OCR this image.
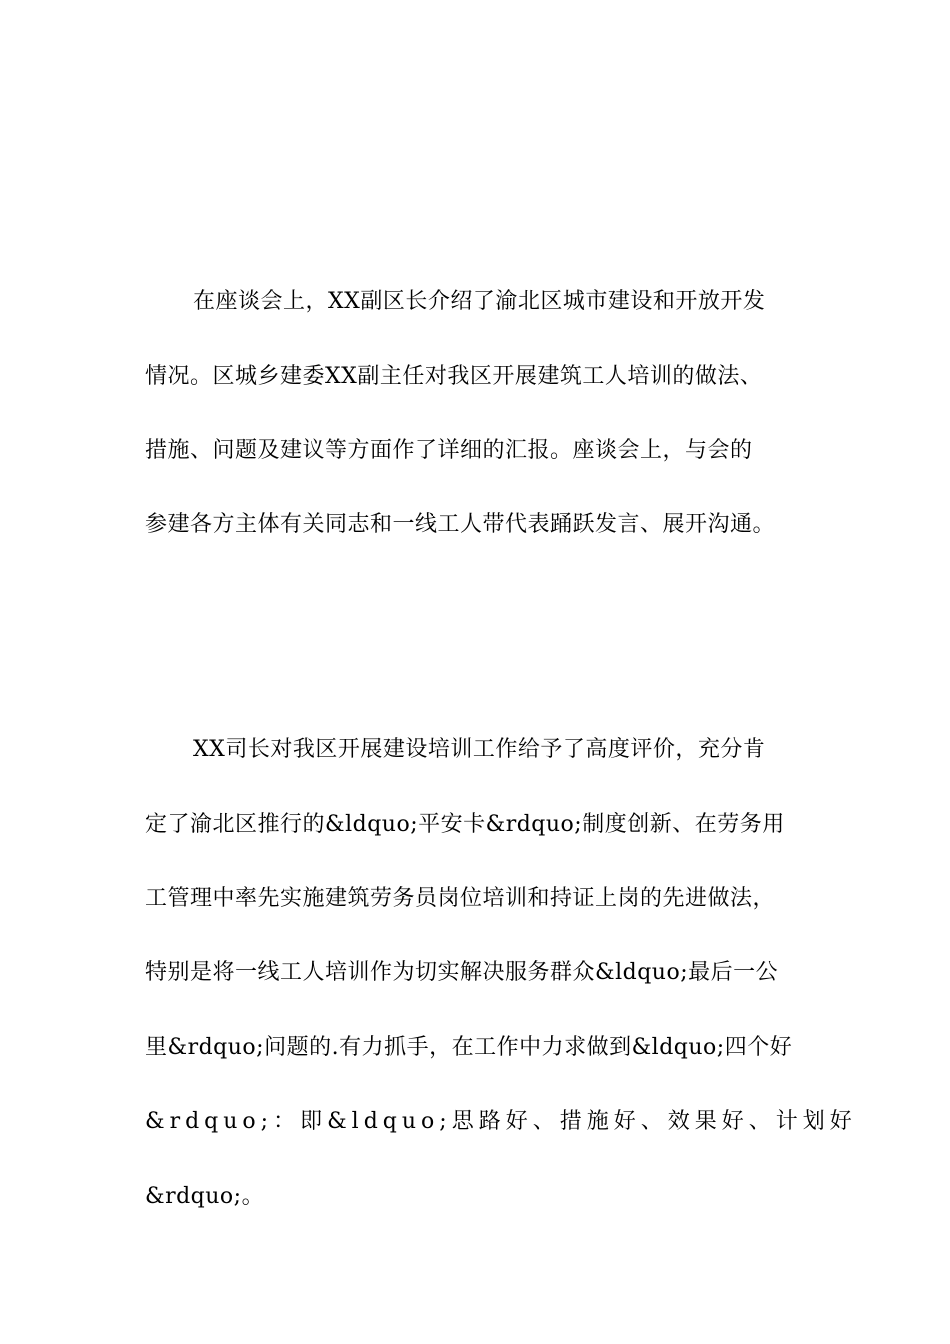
在座谈会上，XX副区长介绍了渝北区城市建设和开放开发
情况。区城乡建委XX副主任对我区开展建筑工人培训的做法、
措施、问题及建议等方面作了详细的汇报。座谈会上，与会的
参建各方主体有关同志和一线工人带代表踊跃发言、展开沟通。
XX司长对我区开展建设培训工作给予了高度评价，充分肯
定了渝北区推行的&ldquo;平安卡&rdquo;制度创新、在劳务用
工管理中率先实施建筑劳务员岗位培训和持证上岗的先进做法，
特别是将一线工人培训作为切实解决服务群众&ldquo;最后一公
里&rdquo;问题的.有力抓手，在工作中力求做到&ldquo;四个好
&rdquo;：即&ldquo;思路好、措施好、效果好、计划好
&rdquo;。
